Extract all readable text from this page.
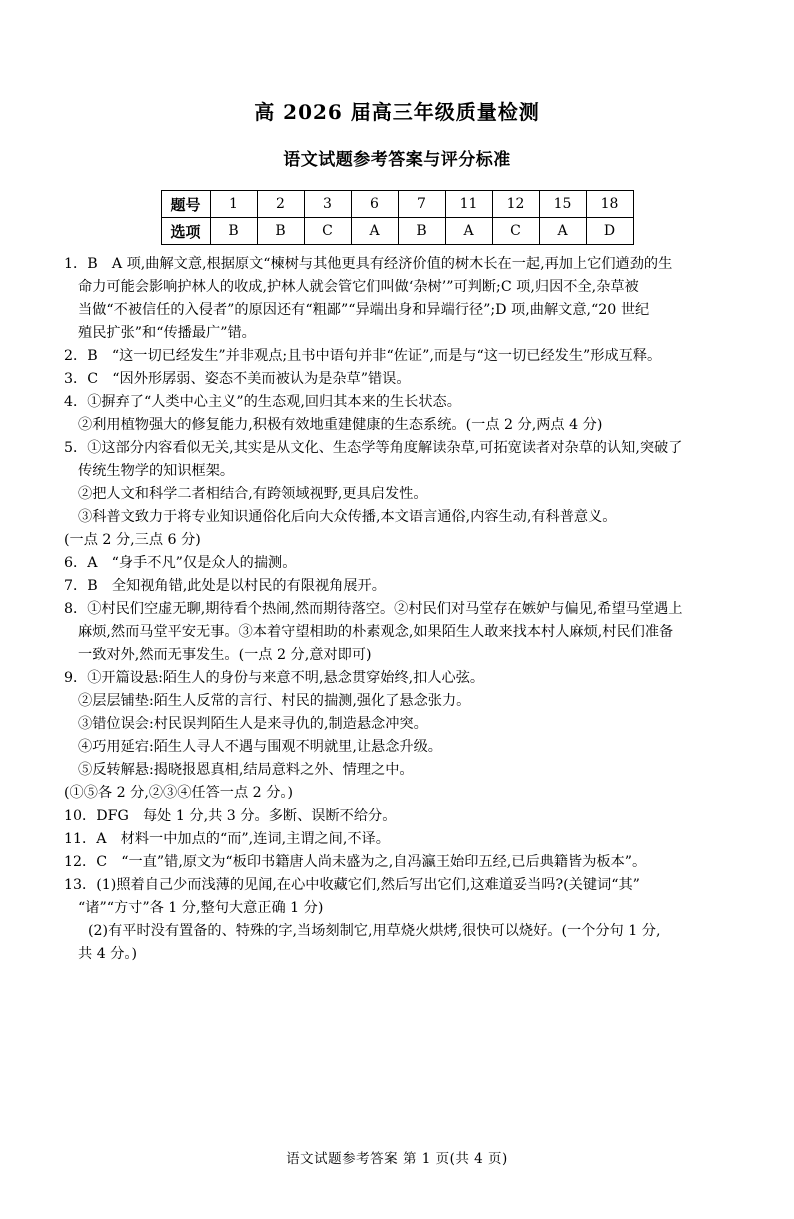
高 2026 届高三年级质量检测
语文试题参考答案与评分标准
题号	1	2	3	6	7	11	12	15	18
选项	B	B	C	A	B	A	C	A	D
1．B　A 项,曲解文意,根据原文“楝树与其他更具有经济价值的树木长在一起,再加上它们遒劲的生
命力可能会影响护林人的收成,护林人就会管它们叫做‘杂树’”可判断;C 项,归因不全,杂草被
当做“不被信任的入侵者”的原因还有“粗鄙”“异端出身和异端行径”;D 项,曲解文意,“20 世纪
殖民扩张”和“传播最广”错。
2．B　“这一切已经发生”并非观点;且书中语句并非“佐证”,而是与“这一切已经发生”形成互释。
3．C　“因外形孱弱、姿态不美而被认为是杂草”错误。
4．①摒弃了“人类中心主义”的生态观,回归其本来的生长状态。
②利用植物强大的修复能力,积极有效地重建健康的生态系统。(一点 2 分,两点 4 分)
5．①这部分内容看似无关,其实是从文化、生态学等角度解读杂草,可拓宽读者对杂草的认知,突破了
传统生物学的知识框架。
②把人文和科学二者相结合,有跨领域视野,更具启发性。
③科普文致力于将专业知识通俗化后向大众传播,本文语言通俗,内容生动,有科普意义。
(一点 2 分,三点 6 分)
6．A　“身手不凡”仅是众人的揣测。
7．B　全知视角错,此处是以村民的有限视角展开。
8．①村民们空虚无聊,期待看个热闹,然而期待落空。②村民们对马堂存在嫉妒与偏见,希望马堂遇上
麻烦,然而马堂平安无事。③本着守望相助的朴素观念,如果陌生人敢来找本村人麻烦,村民们准备
一致对外,然而无事发生。(一点 2 分,意对即可)
9．①开篇设悬:陌生人的身份与来意不明,悬念贯穿始终,扣人心弦。
②层层铺垫:陌生人反常的言行、村民的揣测,强化了悬念张力。
③错位误会:村民误判陌生人是来寻仇的,制造悬念冲突。
④巧用延宕:陌生人寻人不遇与围观不明就里,让悬念升级。
⑤反转解悬:揭晓报恩真相,结局意料之外、情理之中。
(①⑤各 2 分,②③④任答一点 2 分。)
10．DFG　每处 1 分,共 3 分。多断、误断不给分。
11．A　材料一中加点的“而”,连词,主谓之间,不译。
12．C　“一直”错,原文为“板印书籍唐人尚未盛为之,自冯瀛王始印五经,已后典籍皆为板本”。
13．(1)照着自己少而浅薄的见闻,在心中收藏它们,然后写出它们,这难道妥当吗?(关键词“其”
“诸”“方寸”各 1 分,整句大意正确 1 分)
(2)有平时没有置备的、特殊的字,当场刻制它,用草烧火烘烤,很快可以烧好。(一个分句 1 分,
共 4 分。)
语文试题参考答案 第 1 页(共 4 页)
